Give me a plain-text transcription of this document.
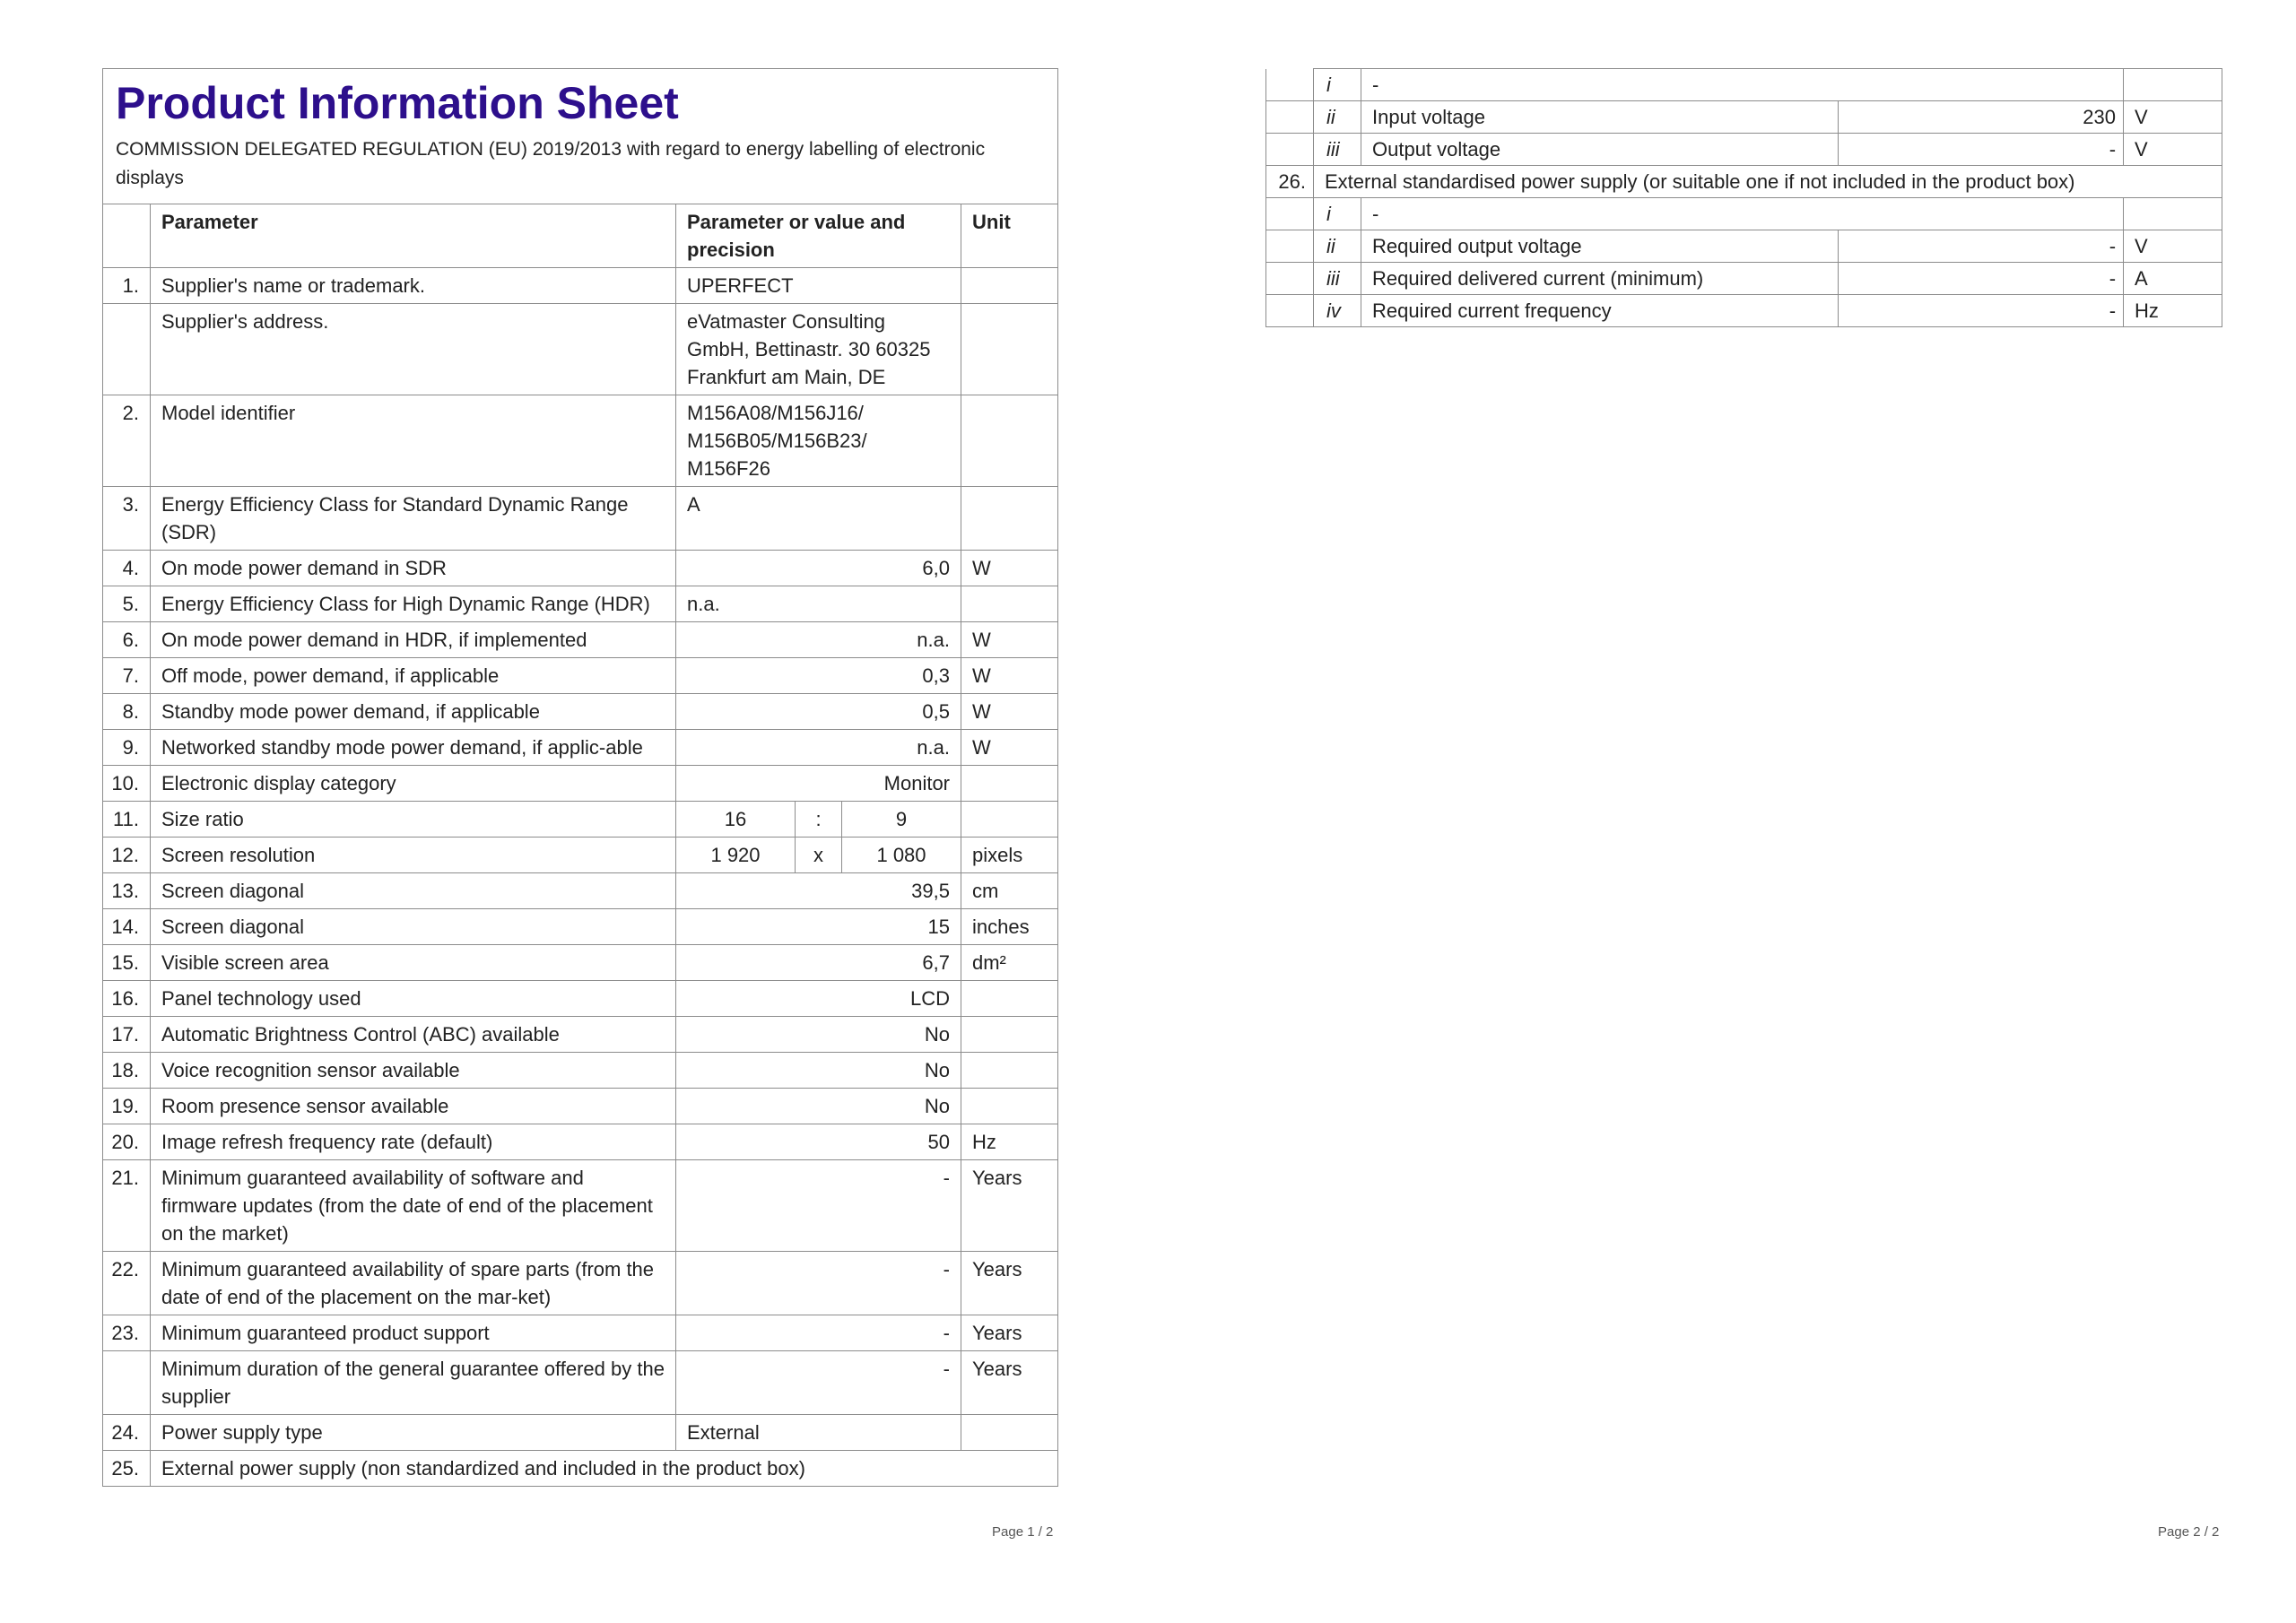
Product Information Sheet
COMMISSION DELEGATED REGULATION (EU) 2019/2013 with regard to energy labelling of electronic displays					

	Parameter	Parameter or value and precision			Unit
1.	Supplier's name or trademark.	UPERFECT			
	Supplier's address.	eVatmaster Consulting GmbH, Bettinastr. 30 60325 Frankfurt am Main, DE			
2.	Model identifier	M156A08/M156J16/ M156B05/M156B23/ M156F26			
3.	Energy Efficiency Class for Standard Dynamic Range (SDR)	A			
4.	On mode power demand in SDR	6,0			W
5.	Energy Efficiency Class for High Dynamic Range (HDR)	n.a.			
6.	On mode power demand in HDR, if implemented	n.a.			W
7.	Off mode, power demand, if applicable	0,3			W
8.	Standby mode power demand, if applicable	0,5			W
9.	Networked standby mode power demand, if applic-able	n.a.			W
10.	Electronic display category	Monitor			
11.	Size ratio	16	:	9	
12.	Screen resolution	1 920	x	1 080	pixels
13.	Screen diagonal	39,5			cm
14.	Screen diagonal	15			inches
15.	Visible screen area	6,7			dm²
16.	Panel technology used	LCD			
17.	Automatic Brightness Control (ABC) available	No			
18.	Voice recognition sensor available	No			
19.	Room presence sensor available	No			
20.	Image refresh frequency rate (default)	50			Hz
21.	Minimum guaranteed availability of software and firmware updates (from the date of end of the placement on the market)	-			Years
22.	Minimum guaranteed availability of spare parts (from the date of end of the placement on the mar-ket)	-			Years
23.	Minimum guaranteed product support	-			Years
	Minimum duration of the general guarantee offered by the supplier	-			Years
24.	Power supply type	External			
25.	External power supply (non standardized and included in the product box)				
Page 1 / 2
	i	-		
	ii	Input voltage	230	V
	iii	Output voltage	-	V
26.	External standardised power supply (or suitable one if not included in the product box)			
	i	-		
	ii	Required output voltage	-	V
	iii	Required delivered current (minimum)	-	A
	iv	Required current frequency	-	Hz
Page 2 / 2
